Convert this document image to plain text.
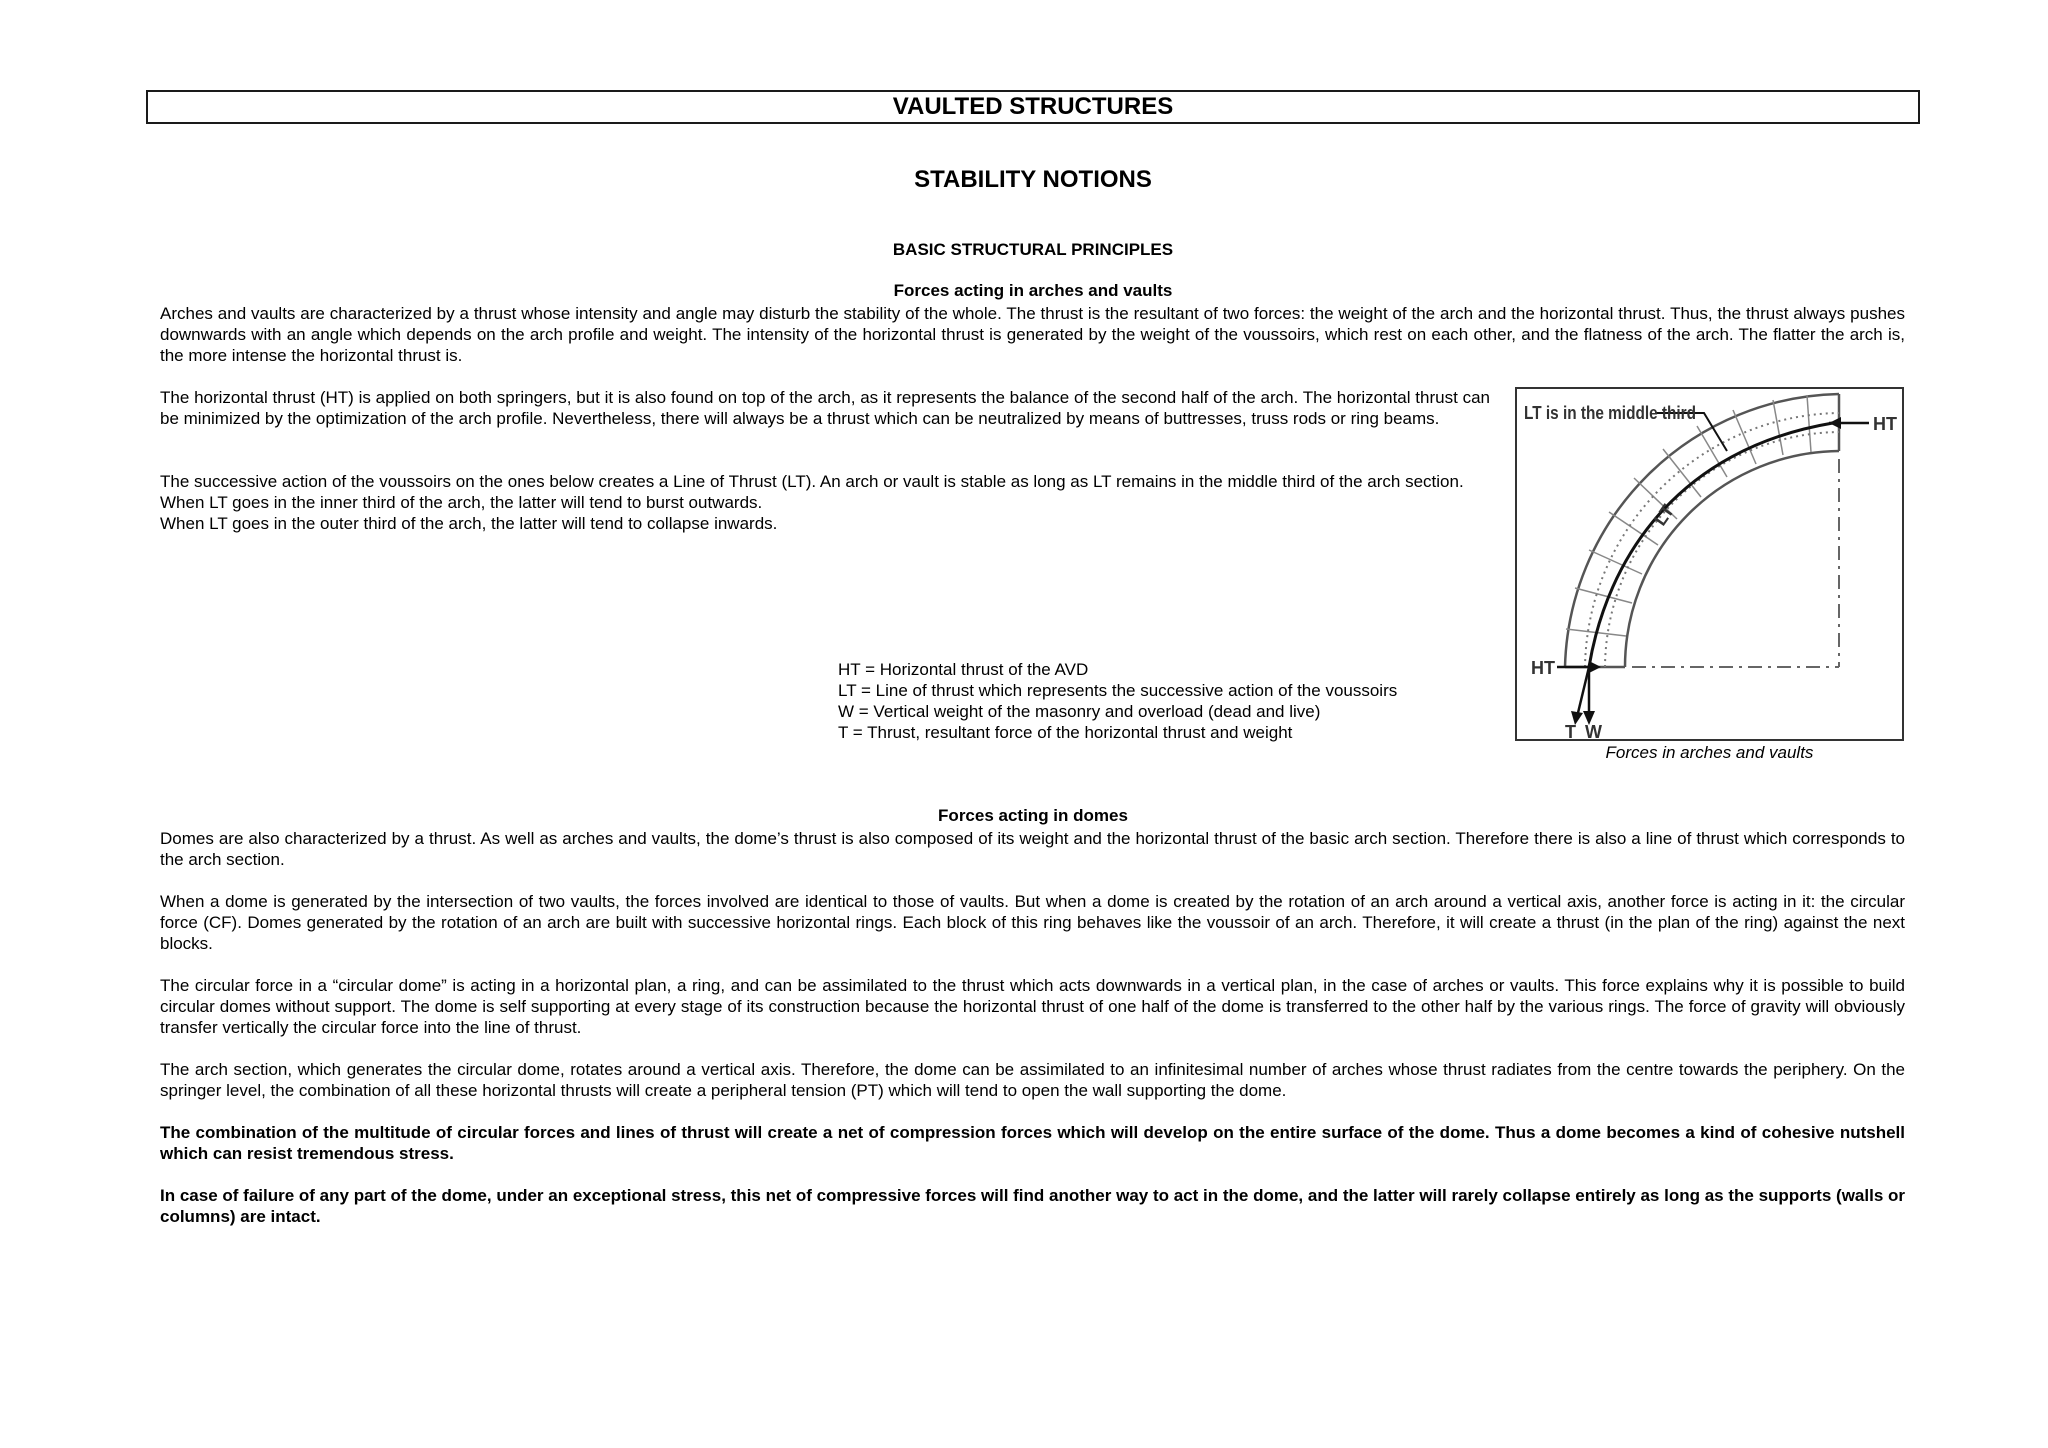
VAULTED STRUCTURES
STABILITY NOTIONS
BASIC STRUCTURAL PRINCIPLES
Forces acting in arches and vaults

Arches and vaults are characterized by a thrust whose intensity and angle may disturb the stability of the whole. The thrust is the resultant of two forces: the weight of the arch and the horizontal thrust. Thus, the thrust always pushes downwards with an angle which depends on the arch profile and weight. The intensity of the horizontal thrust is generated by the weight of the voussoirs, which rest on each other, and the flatness of the arch. The flatter the arch is, the more intense the horizontal thrust is.

The horizontal thrust (HT) is applied on both springers, but it is also found on top of the arch, as it represents the balance of the second half of the arch. The horizontal thrust can be minimized by the optimization of the arch profile. Nevertheless, there will always be a thrust which can be neutralized by means of buttresses, truss rods or ring beams.

The successive action of the voussoirs on the ones below creates a Line of Thrust (LT). An arch or vault is stable as long as LT remains in the middle third of the arch section.
When LT goes in the inner third of the arch, the latter will tend to burst outwards.
When LT goes in the outer third of the arch, the latter will tend to collapse inwards.
HT = Horizontal thrust of the AVD
LT = Line of thrust which represents the successive action of the voussoirs
W = Vertical weight of the masonry and overload (dead and live)
T = Thrust, resultant force of the horizontal thrust and weight
LT is in the middle third
HT
HT
LT
T W
Forces in arches and vaults
Forces acting in domes

Domes are also characterized by a thrust. As well as arches and vaults, the dome’s thrust is also composed of its weight and the horizontal thrust of the basic arch section. Therefore there is also a line of thrust which corresponds to the arch section.

When a dome is generated by the intersection of two vaults, the forces involved are identical to those of vaults. But when a dome is created by the rotation of an arch around a vertical axis, another force is acting in it: the circular force (CF). Domes generated by the rotation of an arch are built with successive horizontal rings. Each block of this ring behaves like the voussoir of an arch. Therefore, it will create a thrust (in the plan of the ring) against the next blocks.

The circular force in a “circular dome” is acting in a horizontal plan, a ring, and can be assimilated to the thrust which acts downwards in a vertical plan, in the case of arches or vaults. This force explains why it is possible to build circular domes without support. The dome is self supporting at every stage of its construction because the horizontal thrust of one half of the dome is transferred to the other half by the various rings. The force of gravity will obviously transfer vertically the circular force into the line of thrust.

The arch section, which generates the circular dome, rotates around a vertical axis. Therefore, the dome can be assimilated to an infinitesimal number of arches whose thrust radiates from the centre towards the periphery. On the springer level, the combination of all these horizontal thrusts will create a peripheral tension (PT) which will tend to open the wall supporting the dome.

The combination of the multitude of circular forces and lines of thrust will create a net of compression forces which will develop on the entire surface of the dome. Thus a dome becomes a kind of cohesive nutshell which can resist tremendous stress.

In case of failure of any part of the dome, under an exceptional stress, this net of compressive forces will find another way to act in the dome, and the latter will rarely collapse entirely as long as the supports (walls or columns) are intact.
